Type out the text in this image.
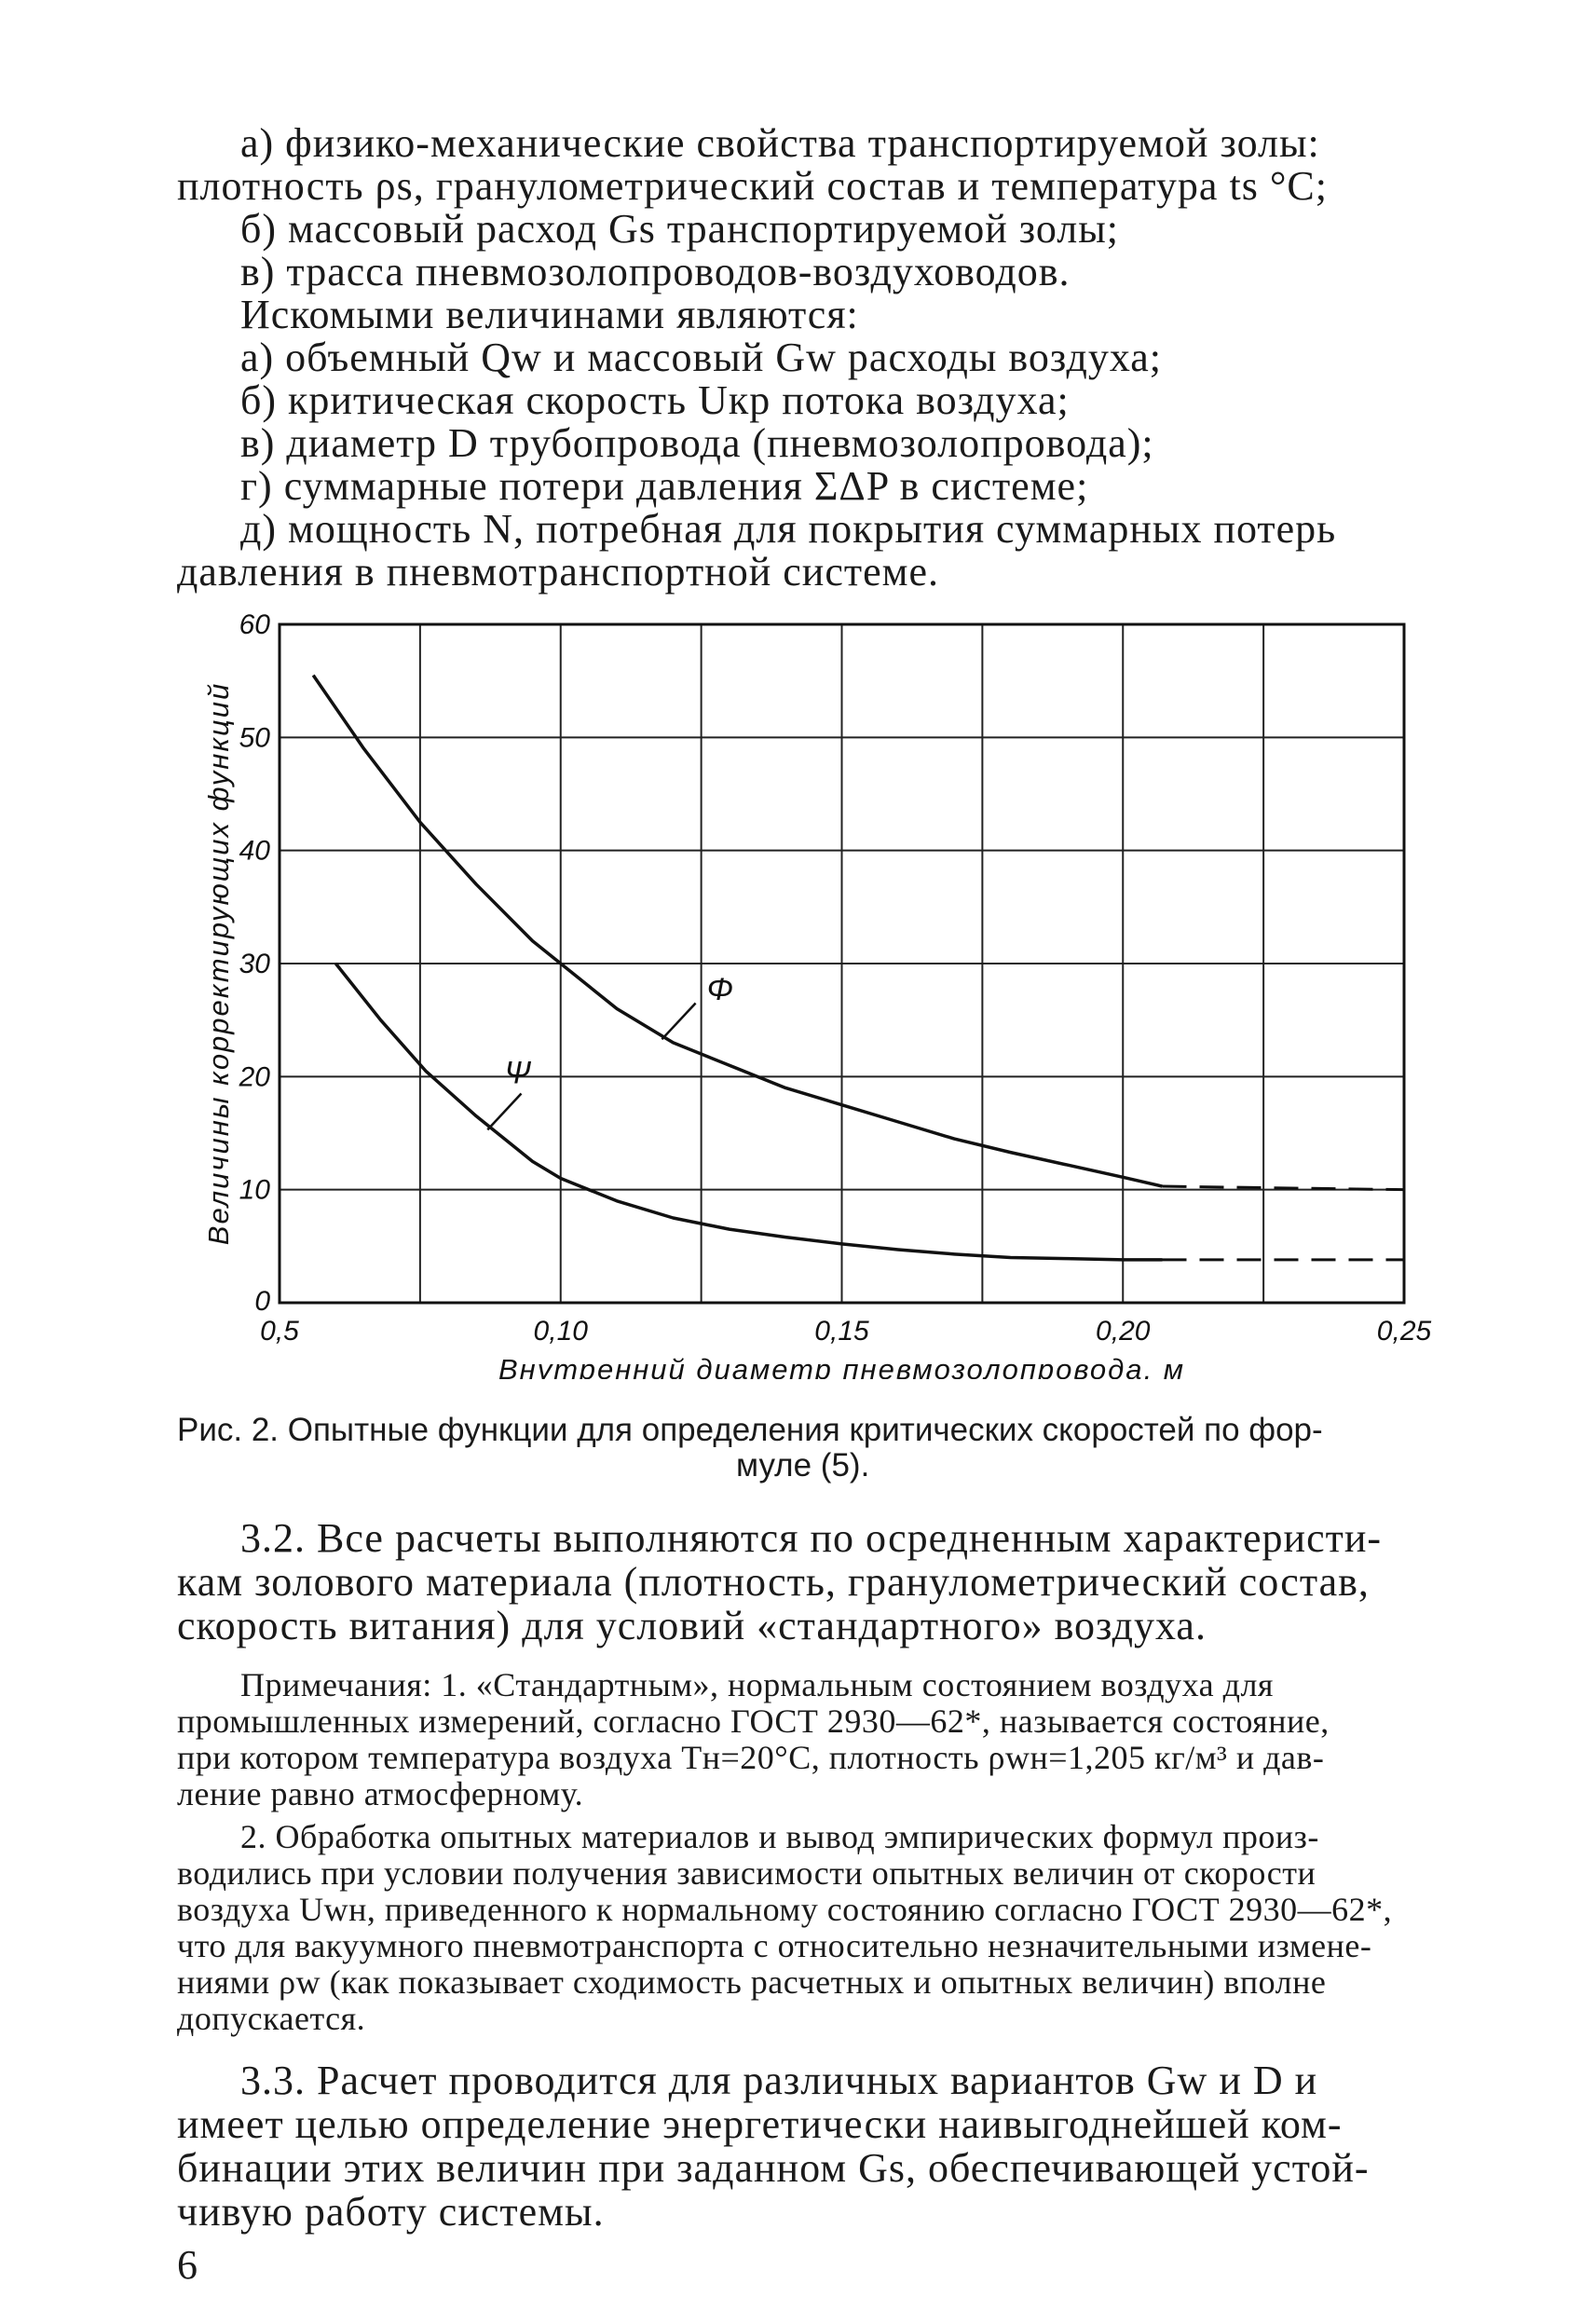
а) физико-механические свойства транспортируемой золы:
плотность ρs, гранулометрический состав и температура ts °C;
б) массовый расход Gs транспортируемой золы;
в) трасса пневмозолопроводов-воздуховодов.
Искомыми величинами являются:
а) объемный Qw и массовый Gw расходы воздуха;
б) критическая скорость Uкр потока воздуха;
в) диаметр D трубопровода (пневмозолопровода);
г) суммарные потери давления ΣΔP в системе;
д) мощность N, потребная для покрытия суммарных потерь
давления в пневмотранспортной системе.
0
10
20
30
40
50
60
0,5	0,10	0,15	0,20	0,25
Внутренний диаметр пневмозолопровода, м
Величины корректирующих функций	Φ
Ψ
Рис. 2. Опытные функции для определения критических скоростей по фор-
муле (5).
3.2. Все расчеты выполняются по осредненным характеристи-
кам золового материала (плотность, гранулометрический состав,
скорость витания) для условий «стандартного» воздуха.
Примечания: 1. «Стандартным», нормальным состоянием воздуха для
промышленных измерений, согласно ГОСТ 2930—62*, называется состояние,
при котором температура воздуха Tн=20°C, плотность ρwн=1,205 кг/м³ и дав-
ление равно атмосферному.
2. Обработка опытных материалов и вывод эмпирических формул произ-
водились при условии получения зависимости опытных величин от скорости
воздуха Uwн, приведенного к нормальному состоянию согласно ГОСТ 2930—62*,
что для вакуумного пневмотранспорта с относительно незначительными измене-
ниями ρw (как показывает сходимость расчетных и опытных величин) вполне
допускается.
3.3. Расчет проводится для различных вариантов Gw и D и
имеет целью определение энергетически наивыгоднейшей ком-
бинации этих величин при заданном Gs, обеспечивающей устой-
чивую работу системы.
6
